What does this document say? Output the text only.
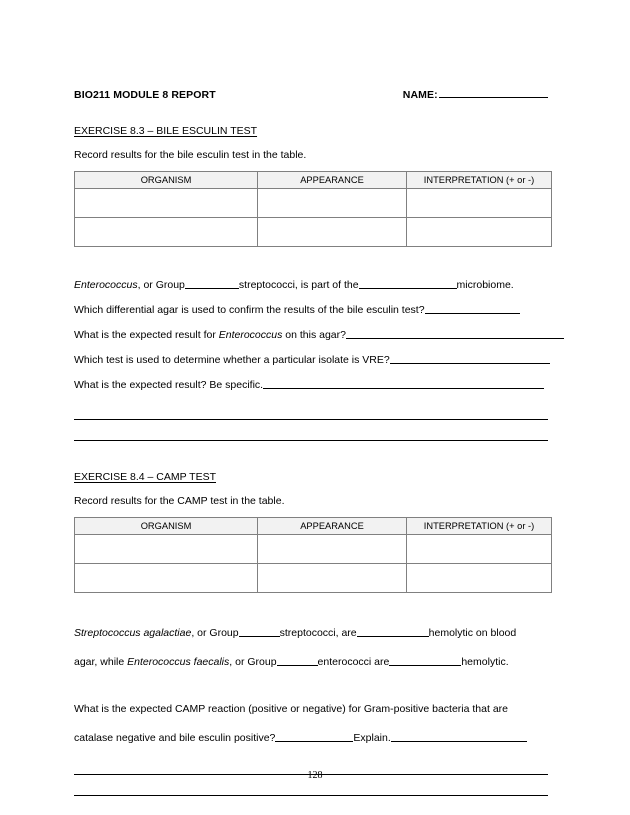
BIO211 MODULE 8 REPORT	NAME:
EXERCISE 8.3 – BILE ESCULIN TEST
Record results for the bile esculin test in the table.
ORGANISM	APPEARANCE	INTERPRETATION (+ or -)

Enterococcus, or Group	streptococci, is part of the	microbiome.
Which differential agar is used to confirm the results of the bile esculin test?
What is the expected result for Enterococcus on this agar?
Which test is used to determine whether a particular isolate is VRE?
What is the expected result? Be specific.
EXERCISE 8.4 – CAMP TEST
Record results for the CAMP test in the table.
ORGANISM	APPEARANCE	INTERPRETATION (+ or -)

Streptococcus agalactiae, or Group	streptococci, are	hemolytic on blood
agar, while Enterococcus faecalis, or Group	enterococci are	hemolytic.
What is the expected CAMP reaction (positive or negative) for Gram-positive bacteria that are
catalase negative and bile esculin positive?	Explain.
128
